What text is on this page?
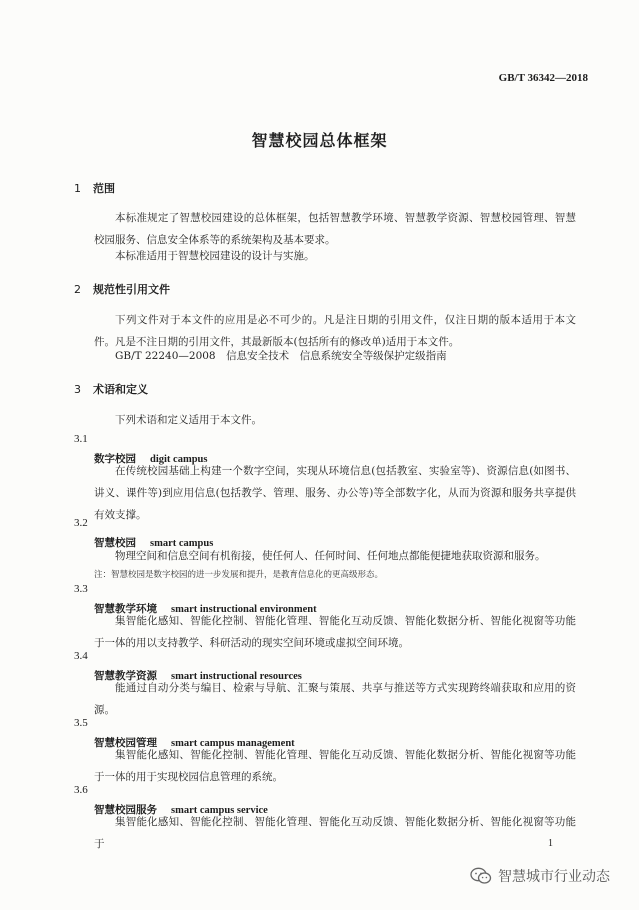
GB/T 36342—2018
智慧校园总体框架
1 范围
本标准规定了智慧校园建设的总体框架，包括智慧教学环境、智慧教学资源、智慧校园管理、智慧校园服务、信息安全体系等的系统架构及基本要求。
本标准适用于智慧校园建设的设计与实施。
2 规范性引用文件
下列文件对于本文件的应用是必不可少的。凡是注日期的引用文件，仅注日期的版本适用于本文件。凡是不注日期的引用文件，其最新版本(包括所有的修改单)适用于本文件。
GB/T 22240—2008　信息安全技术　信息系统安全等级保护定级指南
3 术语和定义
下列术语和定义适用于本文件。
3.1
数字校园 digit campus
在传统校园基础上构建一个数字空间，实现从环境信息(包括教室、实验室等)、资源信息(如图书、讲义、课件等)到应用信息(包括教学、管理、服务、办公等)等全部数字化，从而为资源和服务共享提供有效支撑。
3.2
智慧校园 smart campus
物理空间和信息空间有机衔接，使任何人、任何时间、任何地点都能便捷地获取资源和服务。
注：智慧校园是数字校园的进一步发展和提升，是教育信息化的更高级形态。
3.3
智慧教学环境 smart instructional environment
集智能化感知、智能化控制、智能化管理、智能化互动反馈、智能化数据分析、智能化视窗等功能于一体的用以支持教学、科研活动的现实空间环境或虚拟空间环境。
3.4
智慧教学资源 smart instructional resources
能通过自动分类与编目、检索与导航、汇聚与策展、共享与推送等方式实现跨终端获取和应用的资源。
3.5
智慧校园管理 smart campus management
集智能化感知、智能化控制、智能化管理、智能化互动反馈、智能化数据分析、智能化视窗等功能于一体的用于实现校园信息管理的系统。
3.6
智慧校园服务 smart campus service
集智能化感知、智能化控制、智能化管理、智能化互动反馈、智能化数据分析、智能化视窗等功能于	1
智慧城市行业动态
